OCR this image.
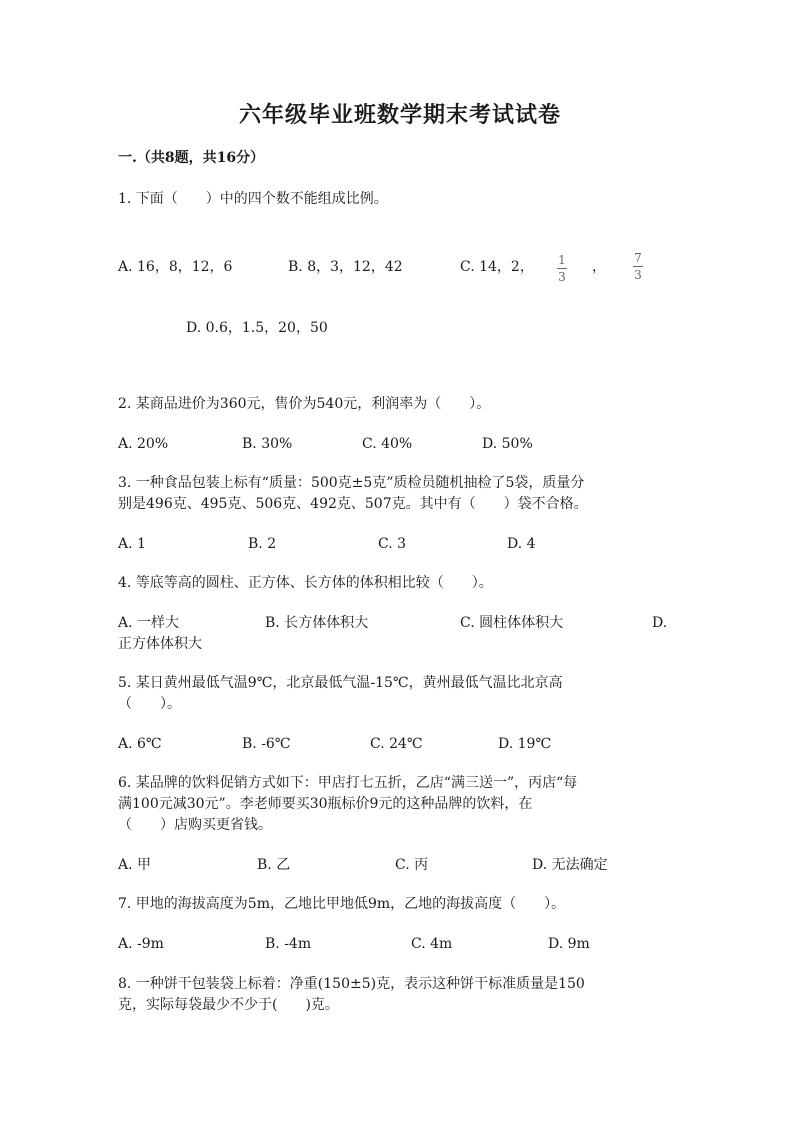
六年级毕业班数学期末考试试卷
一.（共8题，共16分）
1. 下面（　　）中的四个数不能组成比例。
A. 16，8，12，6	B. 8，3，12，42	C. 14，2， 1
3
，
7
3
D. 0.6，1.5，20，50
2. 某商品进价为360元，售价为540元，利润率为（　　）。
A. 20%	B. 30%	C. 40%	D. 50%
3. 一种食品包装上标有“质量：500克±5克”质检员随机抽检了5袋，质量分
别是496克、495克、506克、492克、507克。其中有（　　）袋不合格。
A. 1	B. 2	C. 3	D. 4
4. 等底等高的圆柱、正方体、长方体的体积相比较（　　）。
A. 一样大	B. 长方体体积大	C. 圆柱体体积大	D.
正方体体积大
5. 某日黄州最低气温9℃，北京最低气温-15℃，黄州最低气温比北京高
（　　）。
A. 6℃	B. -6℃	C. 24℃	D. 19℃
6. 某品牌的饮料促销方式如下：甲店打七五折，乙店“满三送一”，丙店“每
满100元减30元”。李老师要买30瓶标价9元的这种品牌的饮料，在
（　　）店购买更省钱。
A. 甲	B. 乙	C. 丙	D. 无法确定
7. 甲地的海拔高度为5m，乙地比甲地低9m，乙地的海拔高度（　　）。
A. -9m	B. -4m	C. 4m	D. 9m
8. 一种饼干包装袋上标着：净重(150±5)克，表示这种饼干标准质量是150
克，实际每袋最少不少于(　　)克。
